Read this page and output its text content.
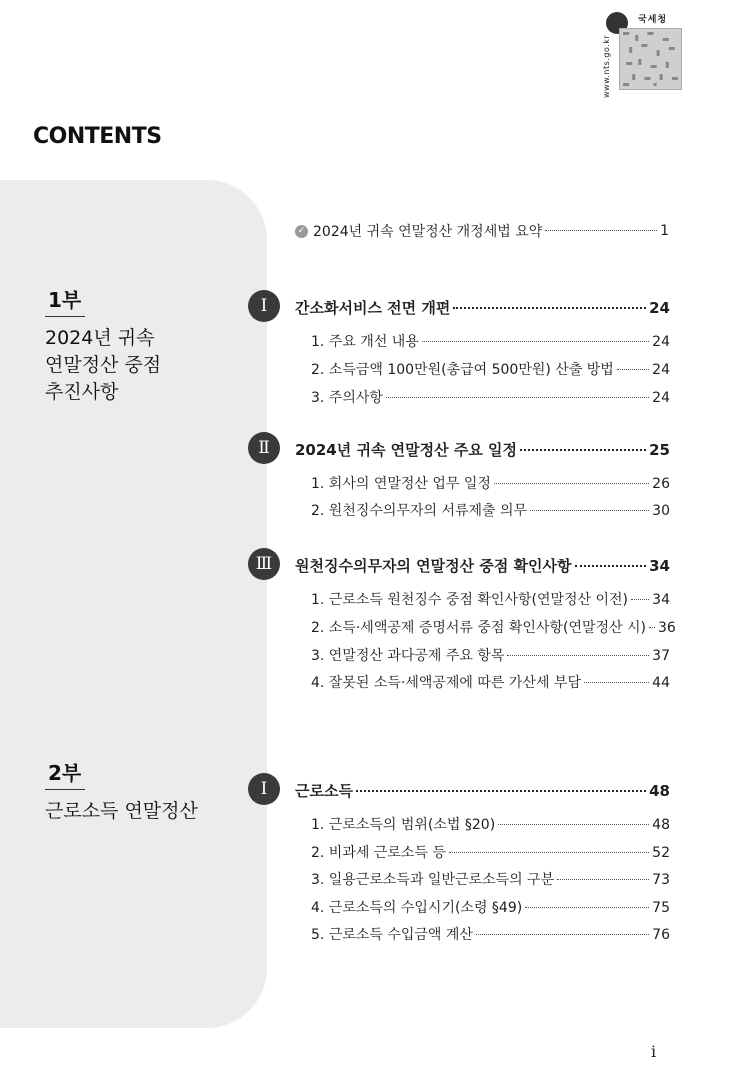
국세청
www.nts.go.kr
CONTENTS
1부
2024년 귀속
연말정산 중점
추진사항
2부
근로소득 연말정산
✓ 2024년 귀속 연말정산 개정세법 요약	1
Ⅰ	간소화서비스 전면 개편	24
1. 주요 개선 내용	24
2. 소득금액 100만원(총급여 500만원) 산출 방법	24
3. 주의사항	24
Ⅱ	2024년 귀속 연말정산 주요 일정	25
1. 회사의 연말정산 업무 일정	26
2. 원천징수의무자의 서류제출 의무	30
Ⅲ	원천징수의무자의 연말정산 중점 확인사항	34
1. 근로소득 원천징수 중점 확인사항(연말정산 이전) 34
2. 소득·세액공제 증명서류 중점 확인사항(연말정산 시) 36
3. 연말정산 과다공제 주요 항목	37
4. 잘못된 소득·세액공제에 따른 가산세 부담	44
Ⅰ	근로소득	48
1. 근로소득의 범위(소법 §20)	48
2. 비과세 근로소득 등	52
3. 일용근로소득과 일반근로소득의 구분	73
4. 근로소득의 수입시기(소령 §49)	75
5. 근로소득 수입금액 계산	76
i
